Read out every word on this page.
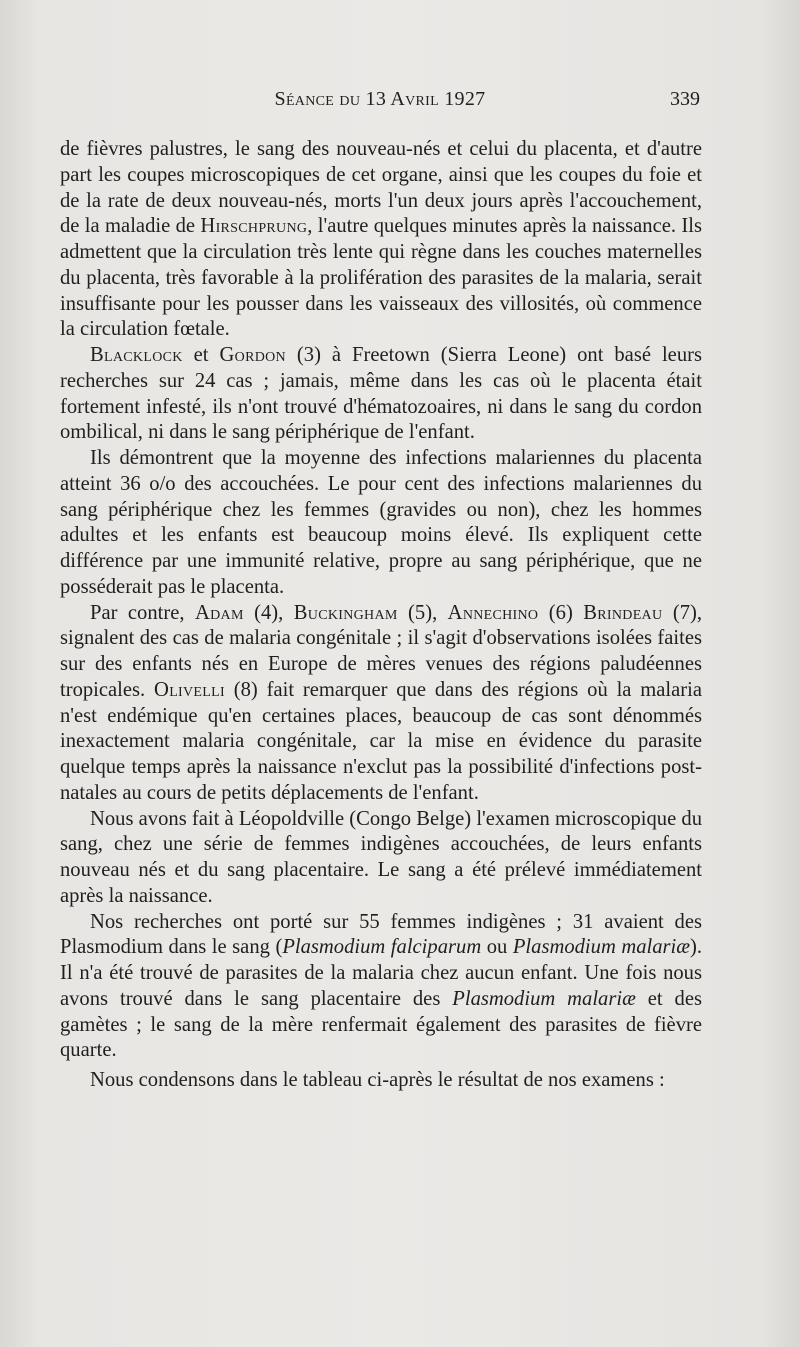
Séance du 13 Avril 1927	339

de fièvres palustres, le sang des nouveau-nés et celui du placenta, et d'autre part les coupes microscopiques de cet organe, ainsi que les coupes du foie et de la rate de deux nouveau-nés, morts l'un deux jours après l'accouchement, de la maladie de Hirschprung, l'autre quelques minutes après la naissance. Ils admettent que la circulation très lente qui règne dans les couches maternelles du placenta, très favorable à la prolifération des parasites de la malaria, serait insuffisante pour les pousser dans les vaisseaux des villosités, où commence la circulation fœtale.

Blacklock et Gordon (3) à Freetown (Sierra Leone) ont basé leurs recherches sur 24 cas ; jamais, même dans les cas où le placenta était fortement infesté, ils n'ont trouvé d'hématozoaires, ni dans le sang du cordon ombilical, ni dans le sang périphérique de l'enfant.

Ils démontrent que la moyenne des infections malariennes du placenta atteint 36 o/o des accouchées. Le pour cent des infections malariennes du sang périphérique chez les femmes (gravides ou non), chez les hommes adultes et les enfants est beaucoup moins élevé. Ils expliquent cette différence par une immunité relative, propre au sang périphérique, que ne posséderait pas le placenta.

Par contre, Adam (4), Buckingham (5), Annechino (6) Brindeau (7), signalent des cas de malaria congénitale ; il s'agit d'observations isolées faites sur des enfants nés en Europe de mères venues des régions paludéennes tropicales. Olivelli (8) fait remarquer que dans des régions où la malaria n'est endémique qu'en certaines places, beaucoup de cas sont dénommés inexactement malaria congénitale, car la mise en évidence du parasite quelque temps après la naissance n'exclut pas la possibilité d'infections post-natales au cours de petits déplacements de l'enfant.

Nous avons fait à Léopoldville (Congo Belge) l'examen microscopique du sang, chez une série de femmes indigènes accouchées, de leurs enfants nouveau nés et du sang placentaire. Le sang a été prélevé immédiatement après la naissance.

Nos recherches ont porté sur 55 femmes indigènes ; 31 avaient des Plasmodium dans le sang (Plasmodium falciparum ou Plasmodium malariæ). Il n'a été trouvé de parasites de la malaria chez aucun enfant. Une fois nous avons trouvé dans le sang placentaire des Plasmodium malariæ et des gamètes ; le sang de la mère renfermait également des parasites de fièvre quarte.

Nous condensons dans le tableau ci-après le résultat de nos examens :
